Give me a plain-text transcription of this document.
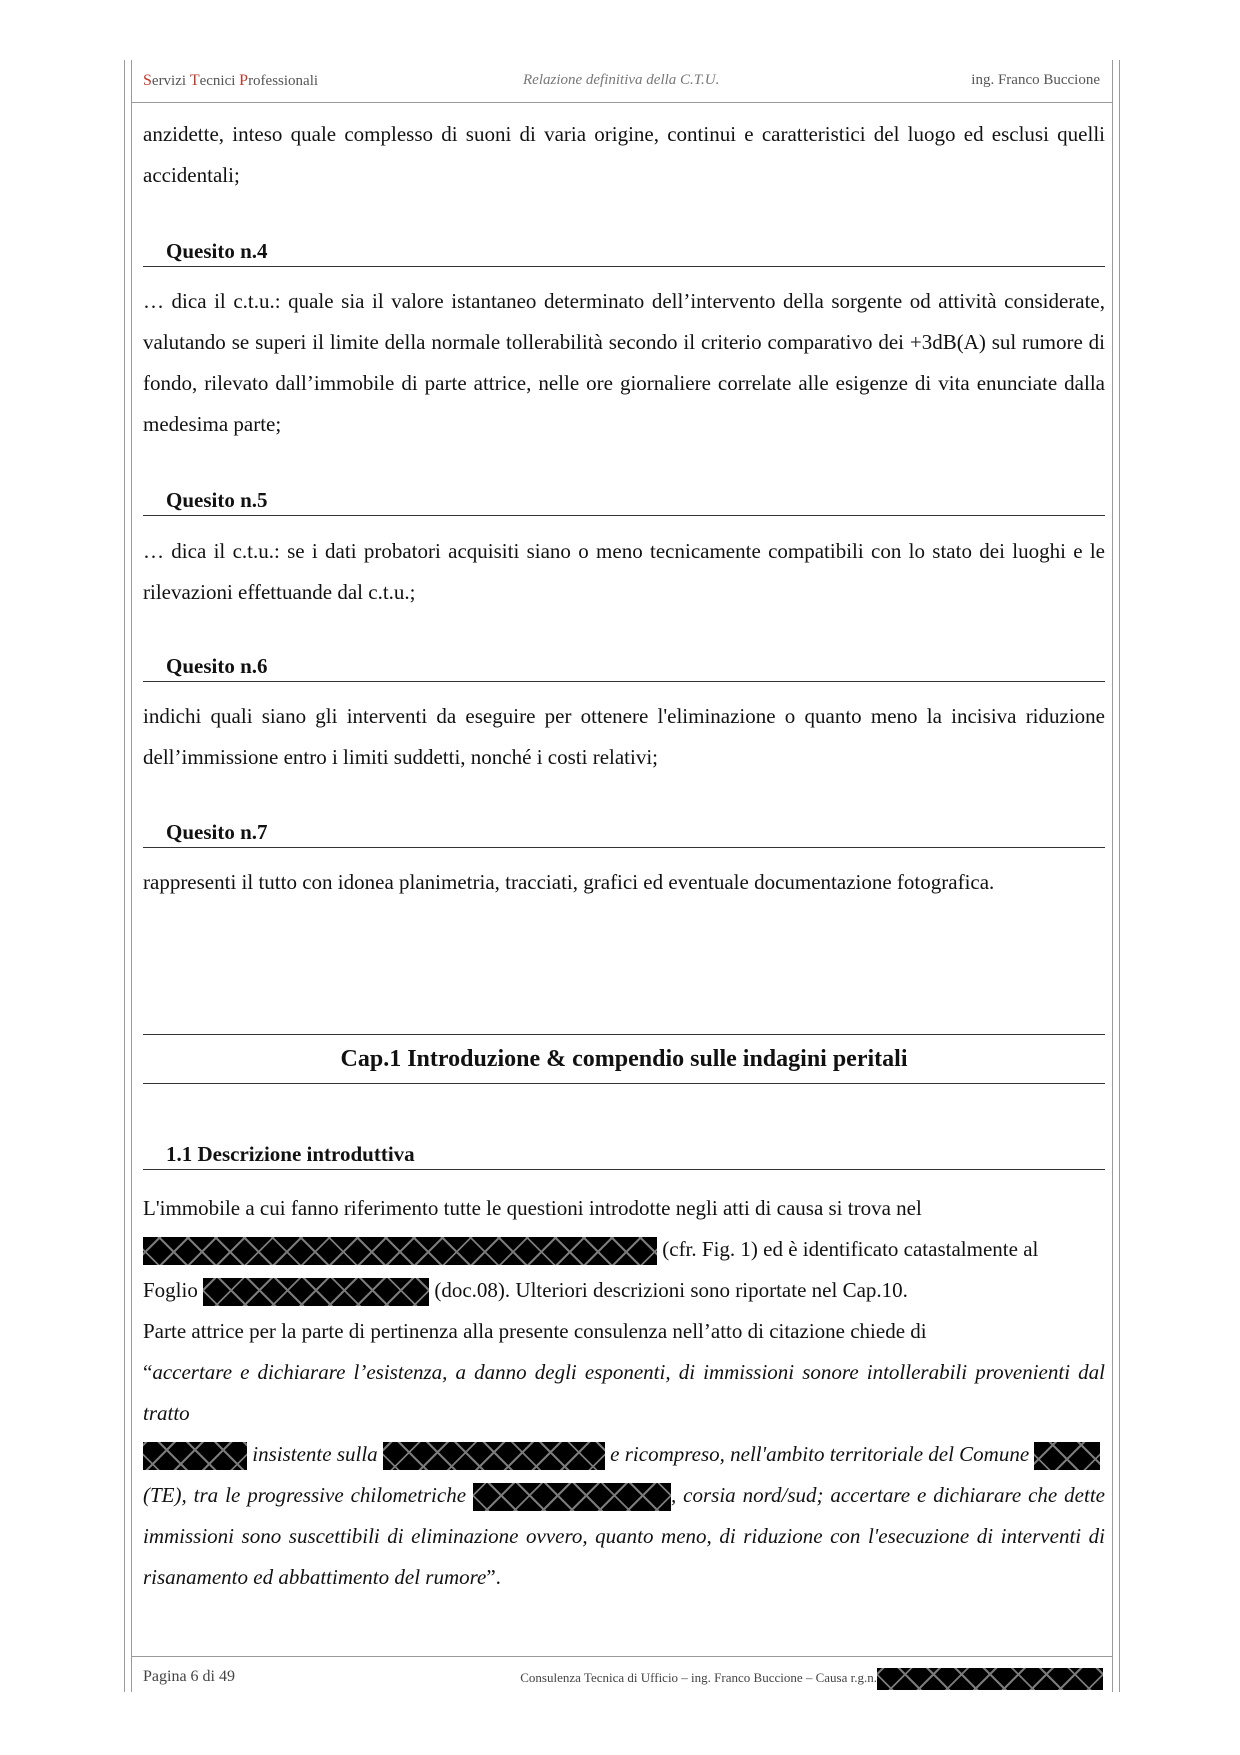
Servizi Tecnici Professionali	Relazione definitiva della C.T.U.	ing. Franco Buccione

anzidette, inteso quale complesso di suoni di varia origine, continui e caratteristici del luogo ed esclusi quelli accidentali;

Quesito n.4

… dica il c.t.u.: quale sia il valore istantaneo determinato dell’intervento della sorgente od attività considerate, valutando se superi il limite della normale tollerabilità secondo il criterio comparativo dei +3dB(A) sul rumore di fondo, rilevato dall’immobile di parte attrice, nelle ore giornaliere correlate alle esigenze di vita enunciate dalla medesima parte;

Quesito n.5

… dica il c.t.u.: se i dati probatori acquisiti siano o meno tecnicamente compatibili con lo stato dei luoghi e le rilevazioni effettuande dal c.t.u.;

Quesito n.6

indichi quali siano gli interventi da eseguire per ottenere l'eliminazione o quanto meno la incisiva riduzione dell’immissione entro i limiti suddetti, nonché i costi relativi;

Quesito n.7

rappresenti il tutto con idonea planimetria, tracciati, grafici ed eventuale documentazione fotografica.

Cap.1 Introduzione & compendio sulle indagini peritali
1.1 Descrizione introduttiva

L'immobile a cui fanno riferimento tutte le questioni introdotte negli atti di causa si trova nel
(cfr. Fig. 1) ed è identificato catastalmente al
Foglio	(doc.08). Ulteriori descrizioni sono riportate nel Cap.10.

Parte attrice per la parte di pertinenza alla presente consulenza nell’atto di citazione chiede di
“accertare e dichiarare l’esistenza, a danno degli esponenti, di immissioni sonore intollerabili provenienti dal tratto
insistente sulla	e ricompreso, nell'ambito territoriale del Comune
(TE), tra le progressive chilometriche	, corsia nord/sud; accertare e dichiarare che dette immissioni sono suscettibili di eliminazione ovvero, quanto meno, di riduzione con l'esecuzione di interventi di risanamento ed abbattimento del rumore”.

Pagina 6 di 49	Consulenza Tecnica di Ufficio – ing. Franco Buccione – Causa r.g.n.
